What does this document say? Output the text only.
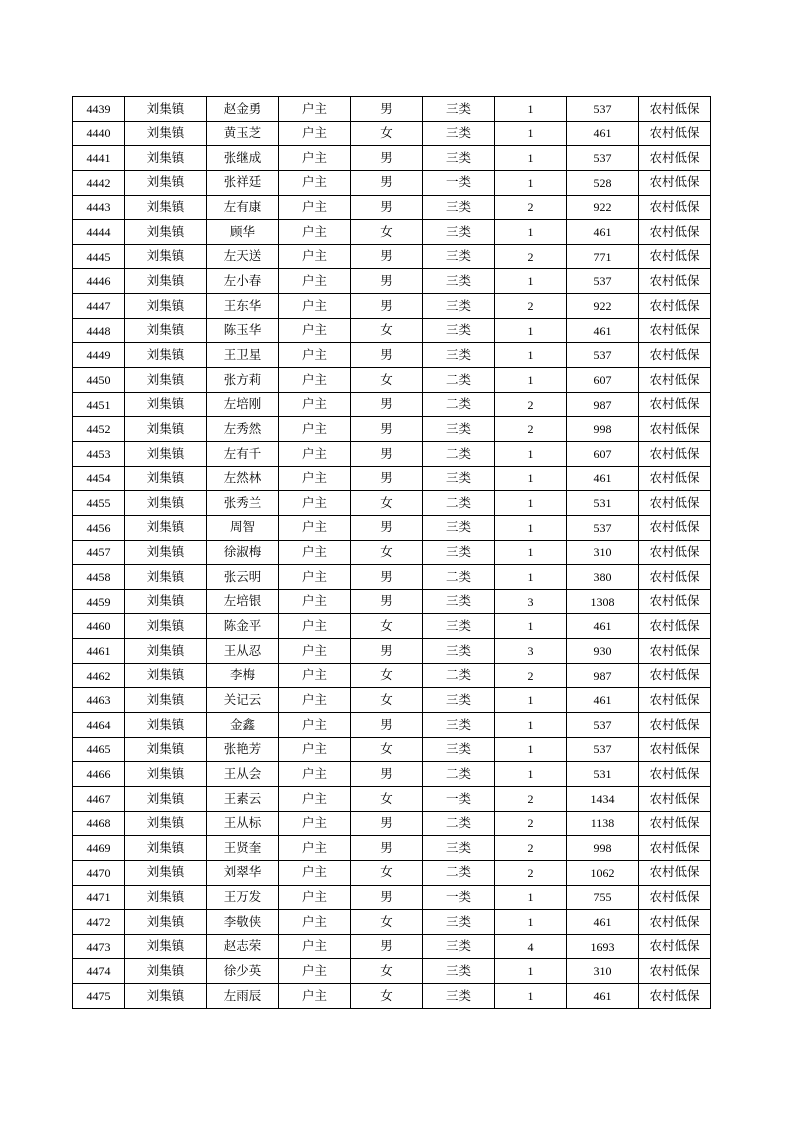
4439	刘集镇	赵金勇	户主	男	三类	1	537	农村低保
4440	刘集镇	黄玉芝	户主	女	三类	1	461	农村低保
4441	刘集镇	张继成	户主	男	三类	1	537	农村低保
4442	刘集镇	张祥廷	户主	男	一类	1	528	农村低保
4443	刘集镇	左有康	户主	男	三类	2	922	农村低保
4444	刘集镇	顾华	户主	女	三类	1	461	农村低保
4445	刘集镇	左天送	户主	男	三类	2	771	农村低保
4446	刘集镇	左小春	户主	男	三类	1	537	农村低保
4447	刘集镇	王东华	户主	男	三类	2	922	农村低保
4448	刘集镇	陈玉华	户主	女	三类	1	461	农村低保
4449	刘集镇	王卫星	户主	男	三类	1	537	农村低保
4450	刘集镇	张方莉	户主	女	二类	1	607	农村低保
4451	刘集镇	左培刚	户主	男	二类	2	987	农村低保
4452	刘集镇	左秀然	户主	男	三类	2	998	农村低保
4453	刘集镇	左有千	户主	男	二类	1	607	农村低保
4454	刘集镇	左然林	户主	男	三类	1	461	农村低保
4455	刘集镇	张秀兰	户主	女	二类	1	531	农村低保
4456	刘集镇	周智	户主	男	三类	1	537	农村低保
4457	刘集镇	徐淑梅	户主	女	三类	1	310	农村低保
4458	刘集镇	张云明	户主	男	二类	1	380	农村低保
4459	刘集镇	左培银	户主	男	三类	3	1308	农村低保
4460	刘集镇	陈金平	户主	女	三类	1	461	农村低保
4461	刘集镇	王从忍	户主	男	三类	3	930	农村低保
4462	刘集镇	李梅	户主	女	二类	2	987	农村低保
4463	刘集镇	关记云	户主	女	三类	1	461	农村低保
4464	刘集镇	金鑫	户主	男	三类	1	537	农村低保
4465	刘集镇	张艳芳	户主	女	三类	1	537	农村低保
4466	刘集镇	王从会	户主	男	二类	1	531	农村低保
4467	刘集镇	王素云	户主	女	一类	2	1434	农村低保
4468	刘集镇	王从标	户主	男	二类	2	1138	农村低保
4469	刘集镇	王贤奎	户主	男	三类	2	998	农村低保
4470	刘集镇	刘翠华	户主	女	二类	2	1062	农村低保
4471	刘集镇	王万发	户主	男	一类	1	755	农村低保
4472	刘集镇	李敬侠	户主	女	三类	1	461	农村低保
4473	刘集镇	赵志荣	户主	男	三类	4	1693	农村低保
4474	刘集镇	徐少英	户主	女	三类	1	310	农村低保
4475	刘集镇	左雨辰	户主	女	三类	1	461	农村低保
